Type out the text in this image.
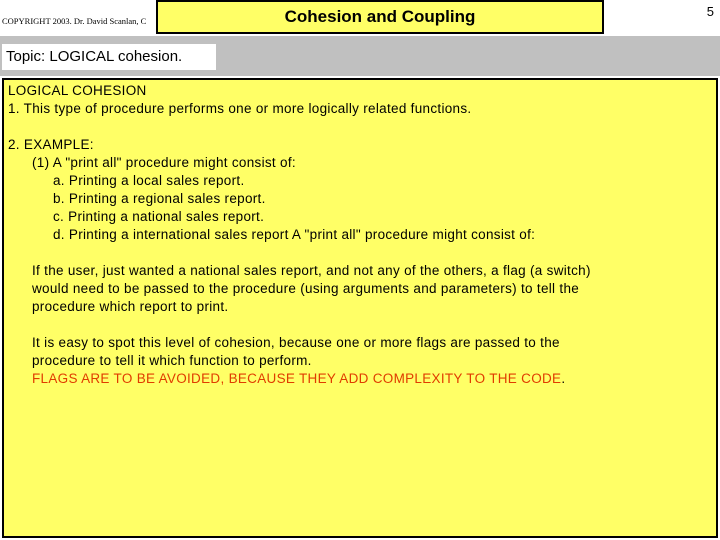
COPYRIGHT 2003. Dr. David Scanlan, C	Cohesion and Coupling	5
Topic: LOGICAL cohesion.
LOGICAL COHESION
1. This type of procedure performs one or more logically related functions.
2. EXAMPLE:
(1) A "print all" procedure might consist of:
a. Printing a local sales report.
b. Printing a regional sales report.
c. Printing a national sales report.
d. Printing a international sales report A "print all" procedure might consist of:
If the user, just wanted a national sales report, and not any of the others, a flag (a switch)
would need to be passed to the procedure (using arguments and parameters) to tell the
procedure which report to print.
It is easy to spot this level of cohesion, because one or more flags are passed to the
procedure to tell it which function to perform.
FLAGS ARE TO BE AVOIDED, BECAUSE THEY ADD COMPLEXITY TO THE CODE.
